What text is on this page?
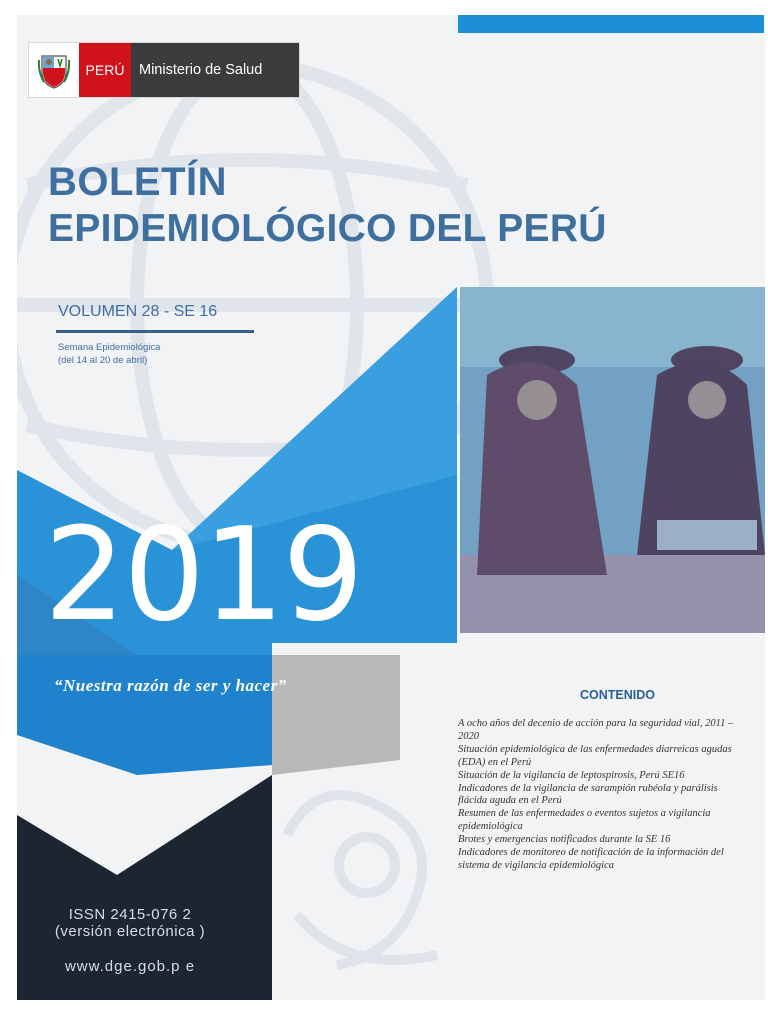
PERÚ	Ministerio de Salud
BOLETÍN
EPIDEMIOLÓGICO DEL PERÚ
VOLUMEN 28 - SE 16
Semana Epidemiológica
(del 14 al 20 de abril)
2019
“Nuestra razón de ser y hacer”
ISSN 2415-076 2
(versión electrónica )
www.dge.gob.p e
CONTENIDO
A ocho años del decenio de acción para la seguridad vial, 2011 – 2020
Situación epidemiológica de las enfermedades diarreicas agudas (EDA) en el Perú
Situación de la vigilancia de leptospirosis, Perú SE16
Indicadores de la vigilancia de sarampión rubéola y parálisis flácida aguda en el Perú
Resumen de las enfermedades o eventos sujetos a vigilancia epidemiológica
Brotes y emergencias notificados durante la SE 16
Indicadores de monitoreo de notificación de la información del sistema de vigilancia epidemiológica
